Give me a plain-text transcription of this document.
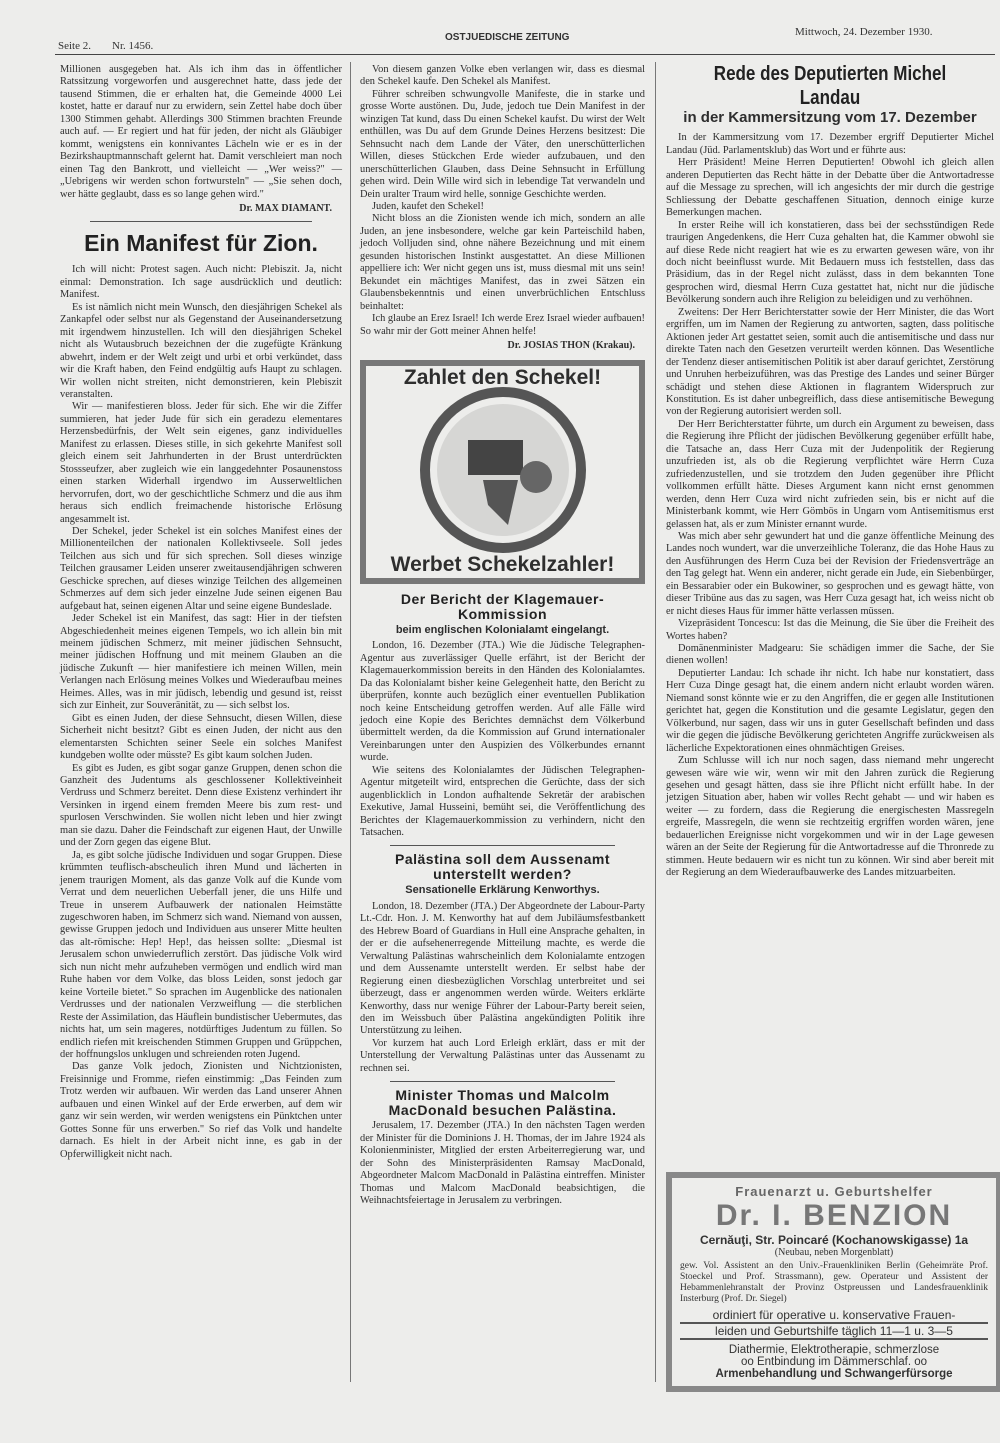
Seite 2. Nr. 1456.
OSTJUEDISCHE ZEITUNG	Mittwoch, 24. Dezember 1930.

Millionen ausgegeben hat. Als ich ihm das in öffentlicher Ratssitzung vorgeworfen und ausgerechnet hatte, dass jede der tausend Stimmen, die er erhalten hat, die Gemeinde 4000 Lei kostet, hatte er darauf nur zu erwidern, sein Zettel habe doch über 1300 Stimmen gehabt. Allerdings 300 Stimmen brachten Freunde auch auf. — Er regiert und hat für jeden, der nicht als Gläubiger kommt, wenigstens ein konnivantes Lächeln wie er es in der Bezirkshauptmannschaft gelernt hat. Damit verschleiert man noch einen Tag den Bankrott, und vielleicht — „Wer weiss?" — „Uebrigens wir werden schon fortwursteln" — „Sie sehen doch, wer hätte geglaubt, dass es so lange gehen wird."

Dr. MAX DIAMANT.
Ein Manifest für Zion.

Ich will nicht: Protest sagen. Auch nicht: Plebiszit. Ja, nicht einmal: Demonstration. Ich sage ausdrücklich und deutlich: Manifest.

Es ist nämlich nicht mein Wunsch, den diesjährigen Schekel als Zankapfel oder selbst nur als Gegenstand der Auseinandersetzung mit irgendwem hinzustellen. Ich will den diesjährigen Schekel nicht als Wutausbruch bezeichnen der die zugefügte Kränkung abwehrt, indem er der Welt zeigt und urbi et orbi verkündet, dass wir die Kraft haben, den Feind endgültig aufs Haupt zu schlagen. Wir wollen nicht streiten, nicht demonstrieren, kein Plebiszit veranstalten.

Wir — manifestieren bloss. Jeder für sich. Ehe wir die Ziffer summieren, hat jeder Jude für sich ein geradezu elementares Herzensbedürfnis, der Welt sein eigenes, ganz individuelles Manifest zu erlassen. Dieses stille, in sich gekehrte Manifest soll gleich einem seit Jahrhunderten in der Brust unterdrückten Stossseufzer, aber zugleich wie ein langgedehnter Posaunenstoss einen starken Widerhall irgendwo im Ausserweltlichen hervorrufen, dort, wo der geschichtliche Schmerz und die aus ihm heraus sich endlich freimachende historische Erlösung angesammelt ist.

Der Schekel, jeder Schekel ist ein solches Manifest eines der Millionenteilchen der nationalen Kollektivseele. Soll jedes Teilchen aus sich und für sich sprechen. Soll dieses winzige Teilchen grausamer Leiden unserer zweitausendjährigen schweren Geschicke sprechen, auf dieses winzige Teilchen des allgemeinen Schmerzes auf dem sich jeder einzelne Jude seinen eigenen Bau aufgebaut hat, seinen eigenen Altar und seine eigene Bundeslade.

Jeder Schekel ist ein Manifest, das sagt: Hier in der tiefsten Abgeschiedenheit meines eigenen Tempels, wo ich allein bin mit meinem jüdischen Schmerz, mit meiner jüdischen Sehnsucht, meiner jüdischen Hoffnung und mit meinem Glauben an die jüdische Zukunft — hier manifestiere ich meinen Willen, mein Verlangen nach Erlösung meines Volkes und Wiederaufbau meines Heimes. Alles, was in mir jüdisch, lebendig und gesund ist, reisst sich zur Einheit, zur Souveränität, zu — sich selbst los.

Gibt es einen Juden, der diese Sehnsucht, diesen Willen, diese Sicherheit nicht besitzt? Gibt es einen Juden, der nicht aus den elementarsten Schichten seiner Seele ein solches Manifest kundgeben wollte oder müsste? Es gibt kaum solchen Juden.

Es gibt es Juden, es gibt sogar ganze Gruppen, denen schon die Ganzheit des Judentums als geschlossener Kollektiveinheit Verdruss und Schmerz bereitet. Denn diese Existenz verhindert ihr Versinken in irgend einem fremden Meere bis zum rest- und spurlosen Verschwinden. Sie wollen nicht leben und hier zwingt man sie dazu. Daher die Feindschaft zur eigenen Haut, der Unwille und der Zorn gegen das eigene Blut.

Ja, es gibt solche jüdische Individuen und sogar Gruppen. Diese krümmten teuflisch-abscheulich ihren Mund und lächerten in jenem traurigen Moment, als das ganze Volk auf die Kunde vom Verrat und dem neuerlichen Ueberfall jener, die uns Hilfe und Treue in unserem Aufbauwerk der nationalen Heimstätte zugeschworen haben, im Schmerz sich wand. Niemand von aussen, gewisse Gruppen jedoch und Individuen aus unserer Mitte heulten das alt-römische: Hep! Hep!, das heissen sollte: „Diesmal ist Jerusalem schon unwiederruflich zerstört. Das jüdische Volk wird sich nun nicht mehr aufzuheben vermögen und endlich wird man Ruhe haben vor dem Volke, das bloss Leiden, sonst jedoch gar keine Vorteile bietet." So sprachen im Augenblicke des nationalen Verdrusses und der nationalen Verzweiflung — die sterblichen Reste der Assimilation, das Häuflein bundistischer Uebermutes, das nichts hat, um sein mageres, notdürftiges Judentum zu füllen. So endlich riefen mit kreischenden Stimmen Gruppen und Grüppchen, der hoffnungslos unklugen und schreienden roten Jugend.

Das ganze Volk jedoch, Zionisten und Nichtzionisten, Freisinnige und Fromme, riefen einstimmig: „Das Feinden zum Trotz werden wir aufbauen. Wir werden das Land unserer Ahnen aufbauen und einen Winkel auf der Erde erwerben, auf dem wir ganz wir sein werden, wir werden wenigstens ein Pünktchen unter Gottes Sonne für uns erwerben." So rief das Volk und handelte darnach. Es hielt in der Arbeit nicht inne, es gab in der Opferwilligkeit nicht nach.

Von diesem ganzen Volke eben verlangen wir, dass es diesmal den Schekel kaufe. Den Schekel als Manifest.

Führer schreiben schwungvolle Manifeste, die in starke und grosse Worte austönen. Du, Jude, jedoch tue Dein Manifest in der winzigen Tat kund, dass Du einen Schekel kaufst. Du wirst der Welt enthüllen, was Du auf dem Grunde Deines Herzens besitzest: Die Sehnsucht nach dem Lande der Väter, den unerschütterlichen Willen, dieses Stückchen Erde wieder aufzubauen, und den unerschütterlichen Glauben, dass Deine Sehnsucht in Erfüllung gehen wird. Dein Wille wird sich in lebendige Tat verwandeln und Dein uralter Traum wird helle, sonnige Geschichte werden.

Juden, kaufet den Schekel!

Nicht bloss an die Zionisten wende ich mich, sondern an alle Juden, an jene insbesondere, welche gar kein Parteischild haben, jedoch Volljuden sind, ohne nähere Bezeichnung und mit einem gesunden historischen Instinkt ausgestattet. An diese Millionen appelliere ich: Wer nicht gegen uns ist, muss diesmal mit uns sein! Bekundet ein mächtiges Manifest, das in zwei Sätzen ein Glaubensbekenntnis und einen unverbrüchlichen Entschluss beinhaltet:

Ich glaube an Erez Israel! Ich werde Erez Israel wieder aufbauen! So wahr mir der Gott meiner Ahnen helfe!

Dr. JOSIAS THON (Krakau).
Zahlet den Schekel!
Werbet Schekelzahler!
Der Bericht der Klagemauer-Kommission
beim englischen Kolonialamt eingelangt.

London, 16. Dezember (JTA.) Wie die Jüdische Telegraphen-Agentur aus zuverlässiger Quelle erfährt, ist der Bericht der Klagemauerkommission bereits in den Händen des Kolonialamtes. Da das Kolonialamt bisher keine Gelegenheit hatte, den Bericht zu überprüfen, konnte auch bezüglich einer eventuellen Publikation noch keine Entscheidung getroffen werden. Auf alle Fälle wird jedoch eine Kopie des Berichtes demnächst dem Völkerbund übermittelt werden, da die Kommission auf Grund internationaler Vereinbarungen unter den Auspizien des Völkerbundes ernannt wurde.

Wie seitens des Kolonialamtes der Jüdischen Telegraphen-Agentur mitgeteilt wird, entsprechen die Gerüchte, dass der sich augenblicklich in London aufhaltende Sekretär der arabischen Exekutive, Jamal Husseini, bemüht sei, die Veröffentlichung des Berichtes der Klagemauerkommission zu verhindern, nicht den Tatsachen.

Palästina soll dem Aussenamt unterstellt werden?
Sensationelle Erklärung Kenworthys.

London, 18. Dezember (JTA.) Der Abgeordnete der Labour-Party Lt.-Cdr. Hon. J. M. Kenworthy hat auf dem Jubiläumsfestbankett des Hebrew Board of Guardians in Hull eine Ansprache gehalten, in der er die aufsehenerregende Mitteilung machte, es werde die Verwaltung Palästinas wahrscheinlich dem Kolonialamte entzogen und dem Aussenamte unterstellt werden. Er selbst habe der Regierung einen diesbezüglichen Vorschlag unterbreitet und sei überzeugt, dass er angenommen werden würde. Weiters erklärte Kenworthy, dass nur wenige Führer der Labour-Party bereit seien, den im Weissbuch über Palästina angekündigten Politik ihre Unterstützung zu leihen.

Vor kurzem hat auch Lord Erleigh erklärt, dass er mit der Unterstellung der Verwaltung Palästinas unter das Aussenamt zu rechnen sei.

Minister Thomas und Malcolm MacDonald besuchen Palästina.

Jerusalem, 17. Dezember (JTA.) In den nächsten Tagen werden der Minister für die Dominions J. H. Thomas, der im Jahre 1924 als Kolonienminister, Mitglied der ersten Arbeiterregierung war, und der Sohn des Ministerpräsidenten Ramsay MacDonald, Abgeordneter Malcom MacDonald in Palästina eintreffen. Minister Thomas und Malcom MacDonald beabsichtigen, die Weihnachtsfeiertage in Jerusalem zu verbringen.

Rede des Deputierten Michel Landau
in der Kammersitzung vom 17. Dezember

In der Kammersitzung vom 17. Dezember ergriff Deputierter Michel Landau (Jüd. Parlamentsklub) das Wort und er führte aus:

Herr Präsident! Meine Herren Deputierten! Obwohl ich gleich allen anderen Deputierten das Recht hätte in der Debatte über die Antwortadresse auf die Message zu sprechen, will ich angesichts der mir durch die gestrige Schliessung der Debatte geschaffenen Situation, dennoch einige kurze Bemerkungen machen.

In erster Reihe will ich konstatieren, dass bei der sechsstündigen Rede traurigen Angedenkens, die Herr Cuza gehalten hat, die Kammer obwohl sie auf diese Rede nicht reagiert hat wie es zu erwarten gewesen wäre, von ihr doch nicht beeinflusst wurde. Mit Bedauern muss ich feststellen, dass das Präsidium, das in der Regel nicht zulässt, dass in dem bekannten Tone gesprochen wird, diesmal Herrn Cuza gestattet hat, nicht nur die jüdische Bevölkerung sondern auch ihre Religion zu beleidigen und zu verhöhnen.

Zweitens: Der Herr Berichterstatter sowie der Herr Minister, die das Wort ergriffen, um im Namen der Regierung zu antworten, sagten, dass politische Aktionen jeder Art gestattet seien, somit auch die antisemitische und dass nur direkte Taten nach den Gesetzen verurteilt werden können. Das Wesentliche der Tendenz dieser antisemitischen Politik ist aber darauf gerichtet, Zerstörung und Unruhen herbeizuführen, was das Prestige des Landes und seiner Bürger schädigt und stehen diese Aktionen in flagrantem Widerspruch zur Konstitution. Es ist daher unbegreiflich, dass diese antisemitische Bewegung von der Regierung autorisiert werden soll.

Der Herr Berichterstatter führte, um durch ein Argument zu beweisen, dass die Regierung ihre Pflicht der jüdischen Bevölkerung gegenüber erfüllt habe, die Tatsache an, dass Herr Cuza mit der Judenpolitik der Regierung unzufrieden ist, als ob die Regierung verpflichtet wäre Herrn Cuza zufriedenzustellen, und sie trotzdem den Juden gegenüber ihre Pflicht vollkommen erfüllt hätte. Dieses Argument kann nicht ernst genommen werden, denn Herr Cuza wird nicht zufrieden sein, bis er nicht auf die Ministerbank kommt, wie Herr Gömbös in Ungarn vom Antisemitismus erst gelassen hat, als er zum Minister ernannt wurde.

Was mich aber sehr gewundert hat und die ganze öffentliche Meinung des Landes noch wundert, war die unverzeihliche Toleranz, die das Hohe Haus zu den Ausführungen des Herrn Cuza bei der Revision der Friedensverträge an den Tag gelegt hat. Wenn ein anderer, nicht gerade ein Jude, ein Siebenbürger, ein Bessarabier oder ein Bukowiner, so gesprochen und es gewagt hätte, von dieser Tribüne aus das zu sagen, was Herr Cuza gesagt hat, ich weiss nicht ob er nicht dieses Haus für immer hätte verlassen müssen.

Vizepräsident Toncescu: Ist das die Meinung, die Sie über die Freiheit des Wortes haben?

Domänenminister Madgearu: Sie schädigen immer die Sache, der Sie dienen wollen!

Deputierter Landau: Ich schade ihr nicht. Ich habe nur konstatiert, dass Herr Cuza Dinge gesagt hat, die einem andern nicht erlaubt worden wären. Niemand sonst könnte wie er zu den Angriffen, die er gegen alle Institutionen gerichtet hat, gegen die Konstitution und die gesamte Legislatur, gegen den Völkerbund, nur sagen, dass wir uns in guter Gesellschaft befinden und dass wir die gegen die jüdische Bevölkerung gerichteten Angriffe zurückweisen als lächerliche Expektorationen eines ohnmächtigen Greises.

Zum Schlusse will ich nur noch sagen, dass niemand mehr ungerecht gewesen wäre wie wir, wenn wir mit den Jahren zurück die Regierung gesehen und gesagt hätten, dass sie ihre Pflicht nicht erfüllt habe. In der jetzigen Situation aber, haben wir volles Recht gehabt — und wir haben es weiter — zu fordern, dass die Regierung die energischesten Massregeln ergreife, Massregeln, die wenn sie rechtzeitig ergriffen worden wären, jene bedauerlichen Ereignisse nicht vorgekommen und wir in der Lage gewesen wären an der Seite der Regierung für die Antwortadresse auf die Thronrede zu stimmen. Heute bedauern wir es nicht tun zu können. Wir sind aber bereit mit der Regierung an dem Wiederaufbauwerke des Landes mitzuarbeiten.

Frauenarzt u. Geburtshelfer

Dr. I. BENZION

Cernăuţi, Str. Poincaré (Kochanowskigasse) 1a

(Neubau, neben Morgenblatt)

gew. Vol. Assistent an den Univ.-Frauenkliniken Berlin (Geheimräte Prof. Stoeckel und Prof. Strassmann), gew. Operateur und Assistent der Hebammenlehranstalt der Provinz Ostpreussen und Landesfrauenklinik Insterburg (Prof. Dr. Siegel)

ordiniert für operative u. konservative Frauen-

leiden und Geburtshilfe täglich 11—1 u. 3—5

Diathermie, Elektrotherapie, schmerzlose

oo Entbindung im Dämmerschlaf. oo

Armenbehandlung und Schwangerfürsorge
